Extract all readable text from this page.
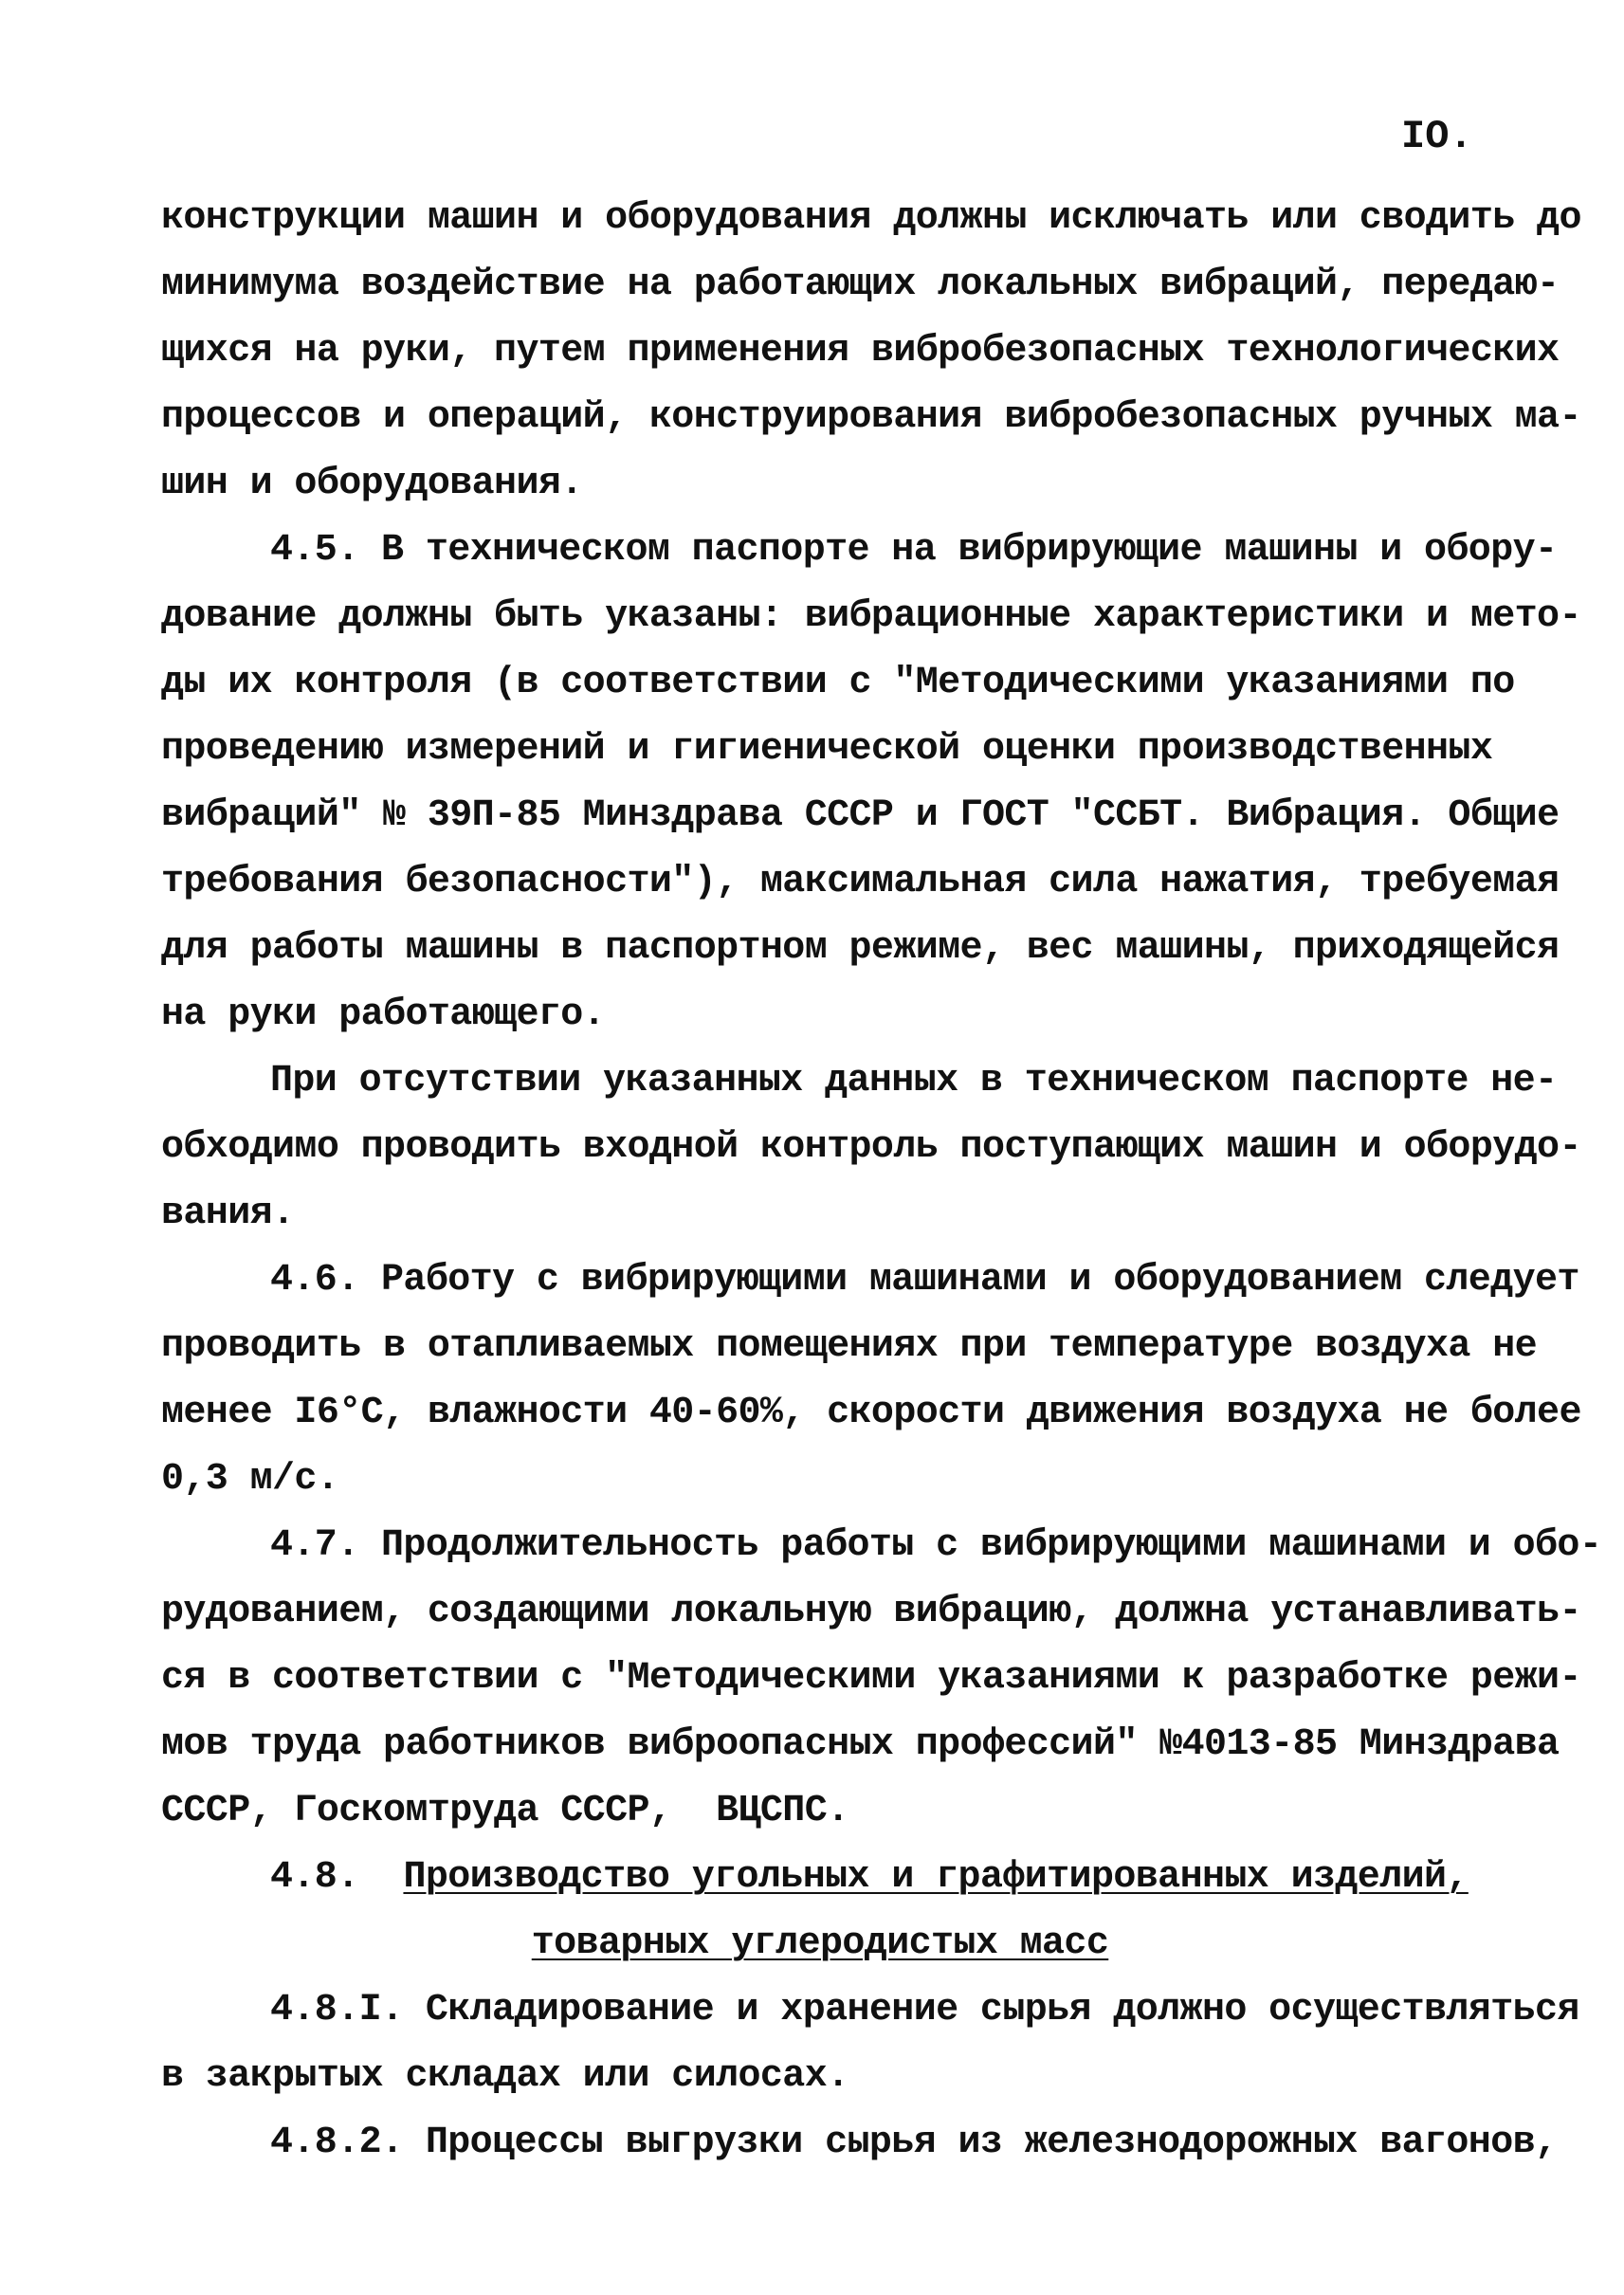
IO.
конструкции машин и оборудования должны исключать или сводить до
минимума воздействие на работающих локальных вибраций, передаю-
щихся на руки, путем применения вибробезопасных технологических
процессов и операций, конструирования вибробезопасных ручных ма-
шин и оборудования.
4.5. В техническом паспорте на вибрирующие машины и обору-
дование должны быть указаны: вибрационные характеристики и мето-
ды их контроля (в соответствии с "Методическими указаниями по
проведению измерений и гигиенической оценки производственных
вибраций" № 39П-85 Минздрава СССР и ГОСТ "ССБТ. Вибрация. Общие
требования безопасности"), максимальная сила нажатия, требуемая
для работы машины в паспортном режиме, вес машины, приходящейся
на руки работающего.
При отсутствии указанных данных в техническом паспорте не-
обходимо проводить входной контроль поступающих машин и оборудо-
вания.
4.6. Работу с вибрирующими машинами и оборудованием следует
проводить в отапливаемых помещениях при температуре воздуха не
менее I6°С, влажности 40-60%, скорости движения воздуха не более
0,3 м/с.
4.7. Продолжительность работы с вибрирующими машинами и обо-
рудованием, создающими локальную вибрацию, должна устанавливать-
ся в соответствии с "Методическими указаниями к разработке режи-
мов труда работников виброопасных профессий" №4013-85 Минздрава
СССР, Госкомтруда СССР,  ВЦСПС.
4.8. Производство угольных и графитированных изделий,
товарных углеродистых масс
4.8.I. Складирование и хранение сырья должно осуществляться
в закрытых складах или силосах.
4.8.2. Процессы выгрузки сырья из железнодорожных вагонов,
